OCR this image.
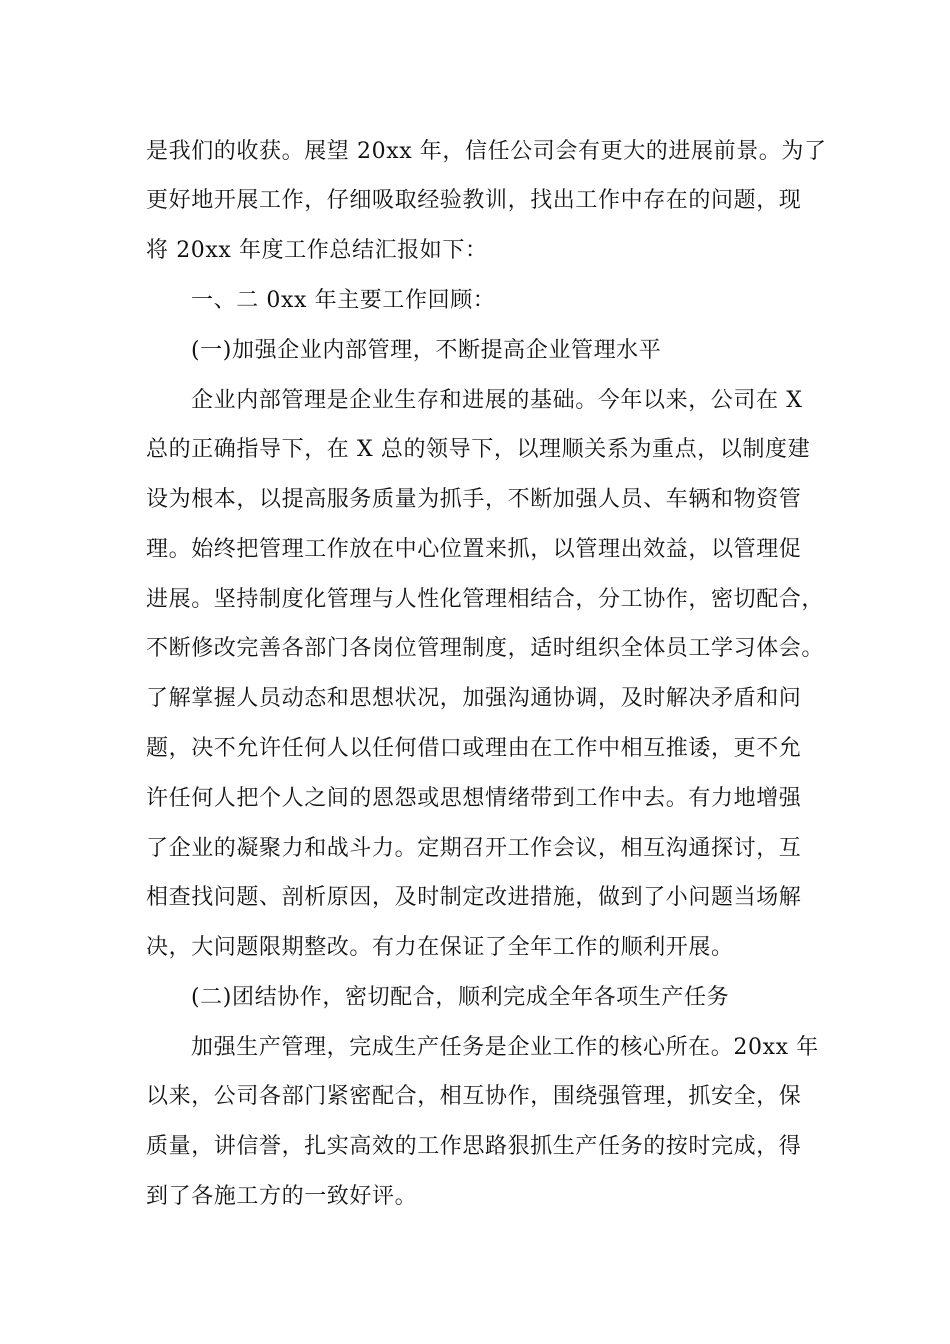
是我们的收获。展望 20xx 年，信任公司会有更大的进展前景。为了
更好地开展工作，仔细吸取经验教训，找出工作中存在的问题，现
将 20xx 年度工作总结汇报如下：
一、二 0xx 年主要工作回顾：
(一)加强企业内部管理，不断提高企业管理水平
企业内部管理是企业生存和进展的基础。今年以来，公司在 X
总的正确指导下，在 X 总的领导下，以理顺关系为重点，以制度建
设为根本，以提高服务质量为抓手，不断加强人员、车辆和物资管
理。始终把管理工作放在中心位置来抓，以管理出效益，以管理促
进展。坚持制度化管理与人性化管理相结合，分工协作，密切配合，
不断修改完善各部门各岗位管理制度，适时组织全体员工学习体会。
了解掌握人员动态和思想状况，加强沟通协调，及时解决矛盾和问
题，决不允许任何人以任何借口或理由在工作中相互推诿，更不允
许任何人把个人之间的恩怨或思想情绪带到工作中去。有力地增强
了企业的凝聚力和战斗力。定期召开工作会议，相互沟通探讨，互
相查找问题、剖析原因，及时制定改进措施，做到了小问题当场解
决，大问题限期整改。有力在保证了全年工作的顺利开展。
(二)团结协作，密切配合，顺利完成全年各项生产任务
加强生产管理，完成生产任务是企业工作的核心所在。20xx 年
以来，公司各部门紧密配合，相互协作，围绕强管理，抓安全，保
质量，讲信誉，扎实高效的工作思路狠抓生产任务的按时完成，得
到了各施工方的一致好评。
